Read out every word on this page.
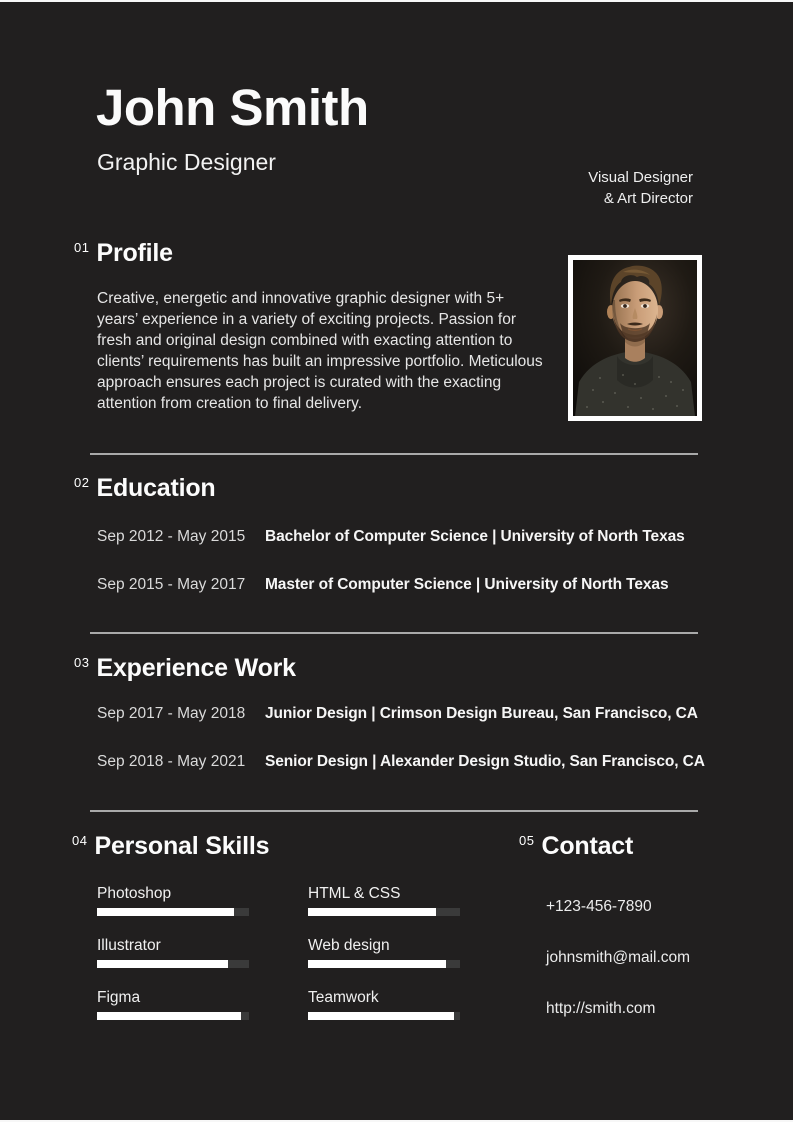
John Smith
Graphic Designer
Visual Designer
& Art Director
$^{01}$ Profile
Creative, energetic and innovative graphic designer with 5+ years’ experience in a variety of exciting projects. Passion for fresh and original design combined with exacting attention to clients’ requirements has built an impressive portfolio. Meticulous approach ensures each project is curated with the exacting attention from creation to final delivery.
$^{02}$ Education
Sep 2012 - May 2015	Bachelor of Computer Science | University of North Texas
Sep 2015 - May 2017	Master of Computer Science | University of North Texas
$^{03}$ Experience Work
Sep 2017 - May 2018	Junior Design | Crimson Design Bureau, San Francisco, CA
Sep 2018 - May 2021	Senior Design | Alexander Design Studio, San Francisco, CA
$^{04}$ Personal Skills
Photoshop	HTML & CSS
Illustrator	Web design
Figma	Teamwork
$^{05}$ Contact
+123-456-7890
johnsmith@mail.com
http://smith.com
